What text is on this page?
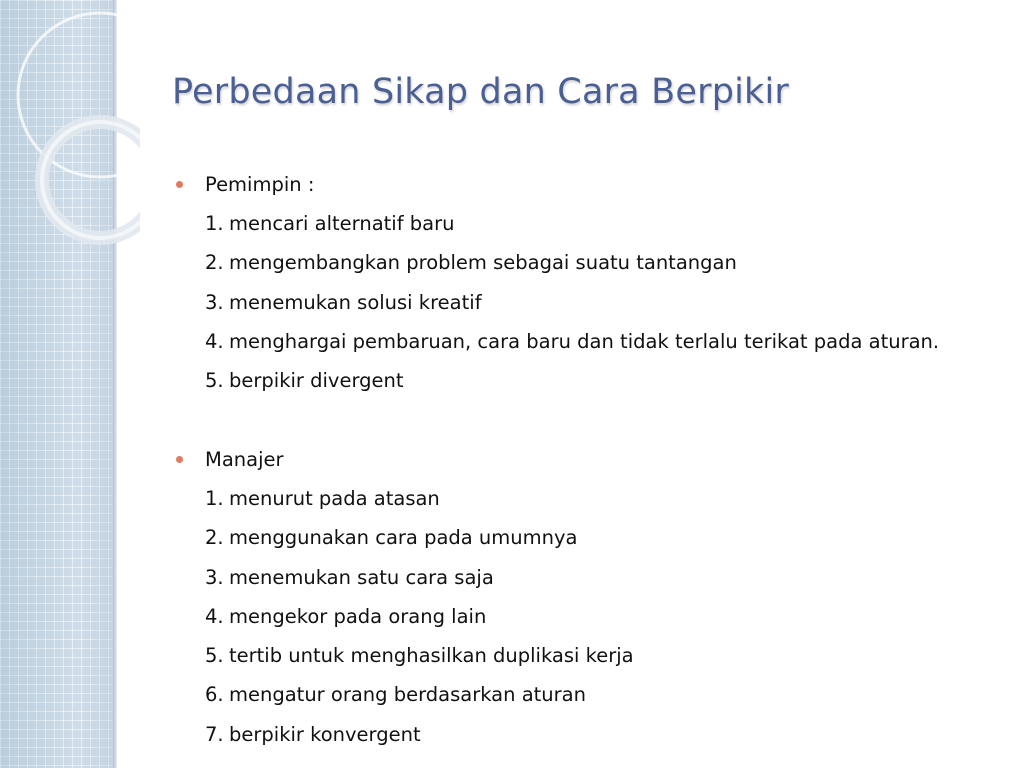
Perbedaan Sikap dan Cara Berpikir
Pemimpin :
1. mencari alternatif baru
2. mengembangkan problem sebagai suatu tantangan
3. menemukan solusi kreatif
4. menghargai pembaruan, cara baru dan tidak terlalu terikat pada aturan.
5. berpikir divergent
Manajer
1. menurut pada atasan
2. menggunakan cara pada umumnya
3. menemukan satu cara saja
4. mengekor pada orang lain
5. tertib untuk menghasilkan duplikasi kerja
6. mengatur orang berdasarkan aturan
7. berpikir konvergent
